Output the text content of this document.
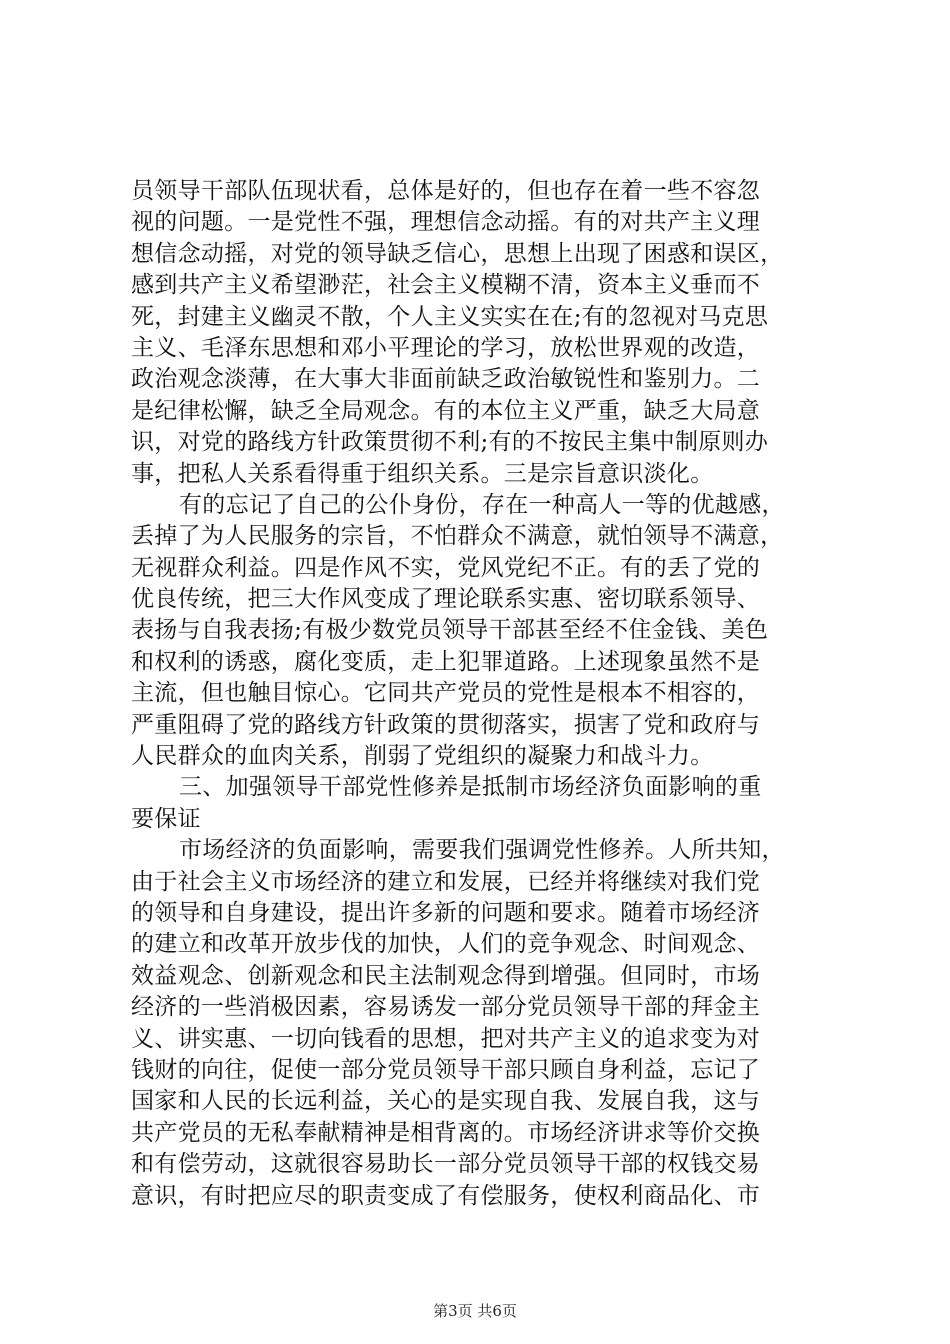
员领导干部队伍现状看，总体是好的，但也存在着一些不容忽
视的问题。一是党性不强，理想信念动摇。有的对共产主义理
想信念动摇，对党的领导缺乏信心，思想上出现了困惑和误区，
感到共产主义希望渺茫，社会主义模糊不清，资本主义垂而不
死，封建主义幽灵不散，个人主义实实在在;有的忽视对马克思
主义、毛泽东思想和邓小平理论的学习，放松世界观的改造，
政治观念淡薄，在大事大非面前缺乏政治敏锐性和鉴别力。二
是纪律松懈，缺乏全局观念。有的本位主义严重，缺乏大局意
识，对党的路线方针政策贯彻不利;有的不按民主集中制原则办
事，把私人关系看得重于组织关系。三是宗旨意识淡化。
有的忘记了自己的公仆身份，存在一种高人一等的优越感，
丢掉了为人民服务的宗旨，不怕群众不满意，就怕领导不满意，
无视群众利益。四是作风不实，党风党纪不正。有的丢了党的
优良传统，把三大作风变成了理论联系实惠、密切联系领导、
表扬与自我表扬;有极少数党员领导干部甚至经不住金钱、美色
和权利的诱惑，腐化变质，走上犯罪道路。上述现象虽然不是
主流，但也触目惊心。它同共产党员的党性是根本不相容的，
严重阻碍了党的路线方针政策的贯彻落实，损害了党和政府与
人民群众的血肉关系，削弱了党组织的凝聚力和战斗力。
三、加强领导干部党性修养是抵制市场经济负面影响的重
要保证
市场经济的负面影响，需要我们强调党性修养。人所共知，
由于社会主义市场经济的建立和发展，已经并将继续对我们党
的领导和自身建设，提出许多新的问题和要求。随着市场经济
的建立和改革开放步伐的加快，人们的竞争观念、时间观念、
效益观念、创新观念和民主法制观念得到增强。但同时，市场
经济的一些消极因素，容易诱发一部分党员领导干部的拜金主
义、讲实惠、一切向钱看的思想，把对共产主义的追求变为对
钱财的向往，促使一部分党员领导干部只顾自身利益，忘记了
国家和人民的长远利益，关心的是实现自我、发展自我，这与
共产党员的无私奉献精神是相背离的。市场经济讲求等价交换
和有偿劳动，这就很容易助长一部分党员领导干部的权钱交易
意识，有时把应尽的职责变成了有偿服务，使权利商品化、市
第3页 共6页
